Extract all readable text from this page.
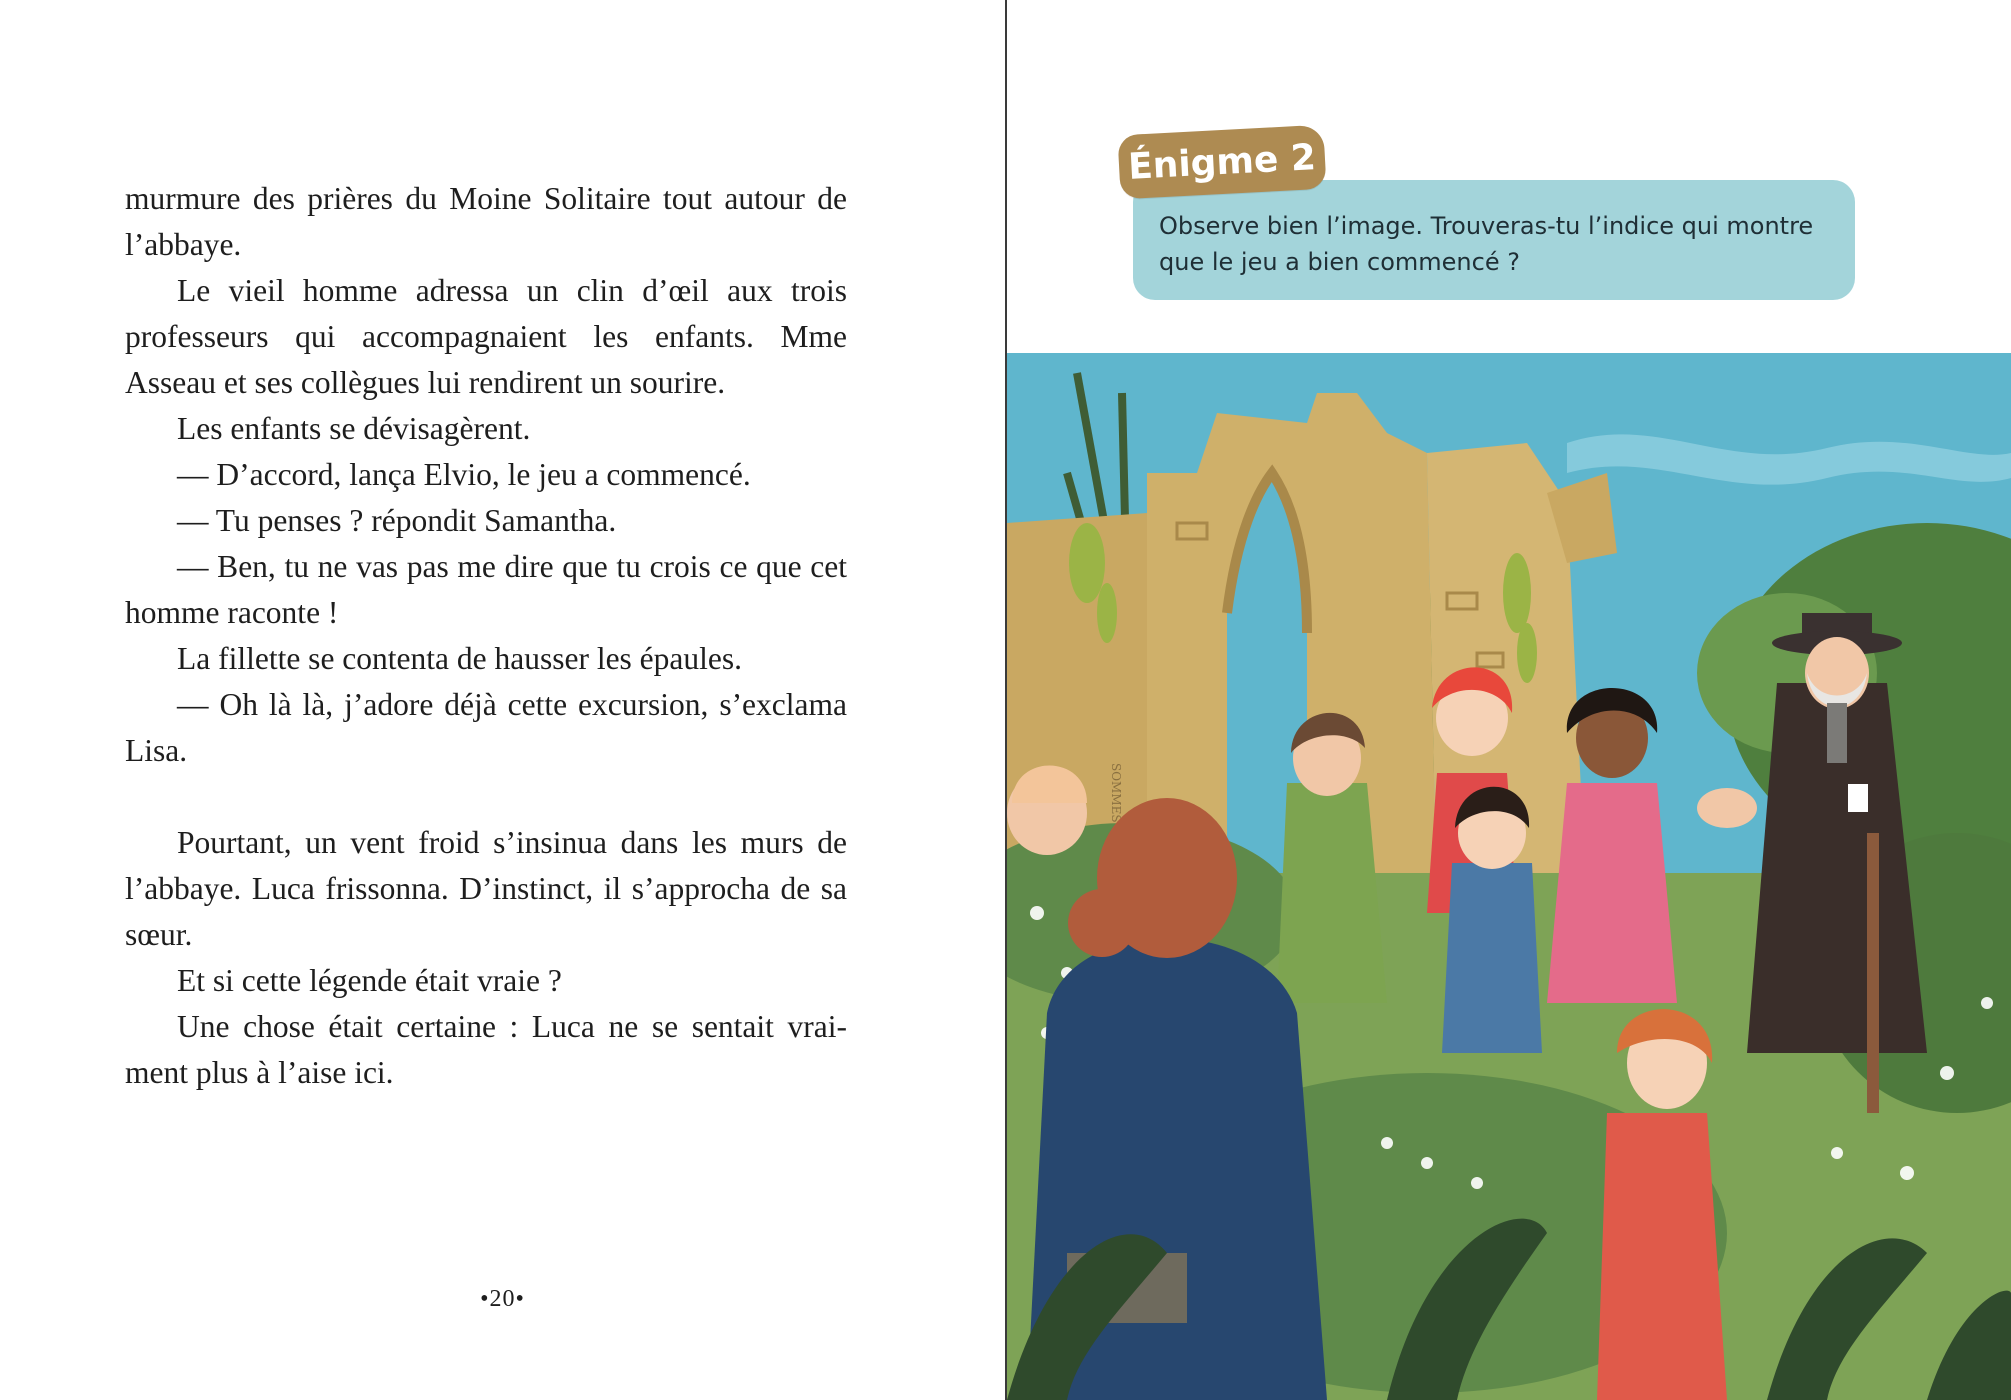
murmure des prières du Moine Solitaire tout autour de l’abbaye.

Le vieil homme adressa un clin d’œil aux trois professeurs qui accompagnaient les enfants. Mme Asseau et ses collègues lui rendirent un sourire.

Les enfants se dévisagèrent.

— D’accord, lança Elvio, le jeu a commencé.

— Tu penses ? répondit Samantha.

— Ben, tu ne vas pas me dire que tu crois ce que cet homme raconte !

La fillette se contenta de hausser les épaules.

— Oh là là, j’adore déjà cette excursion, s’exclama Lisa.

Pourtant, un vent froid s’insinua dans les murs de l’abbaye. Luca frissonna. D’instinct, il s’approcha de sa sœur.

Et si cette légende était vraie ?

Une chose était certaine : Luca ne se sentait vrai-ment plus à l’aise ici.

•20•
Énigme 2
Observe bien l’image. Trouveras-tu l’indice qui montre que le jeu a bien commencé ?
SOMMES
